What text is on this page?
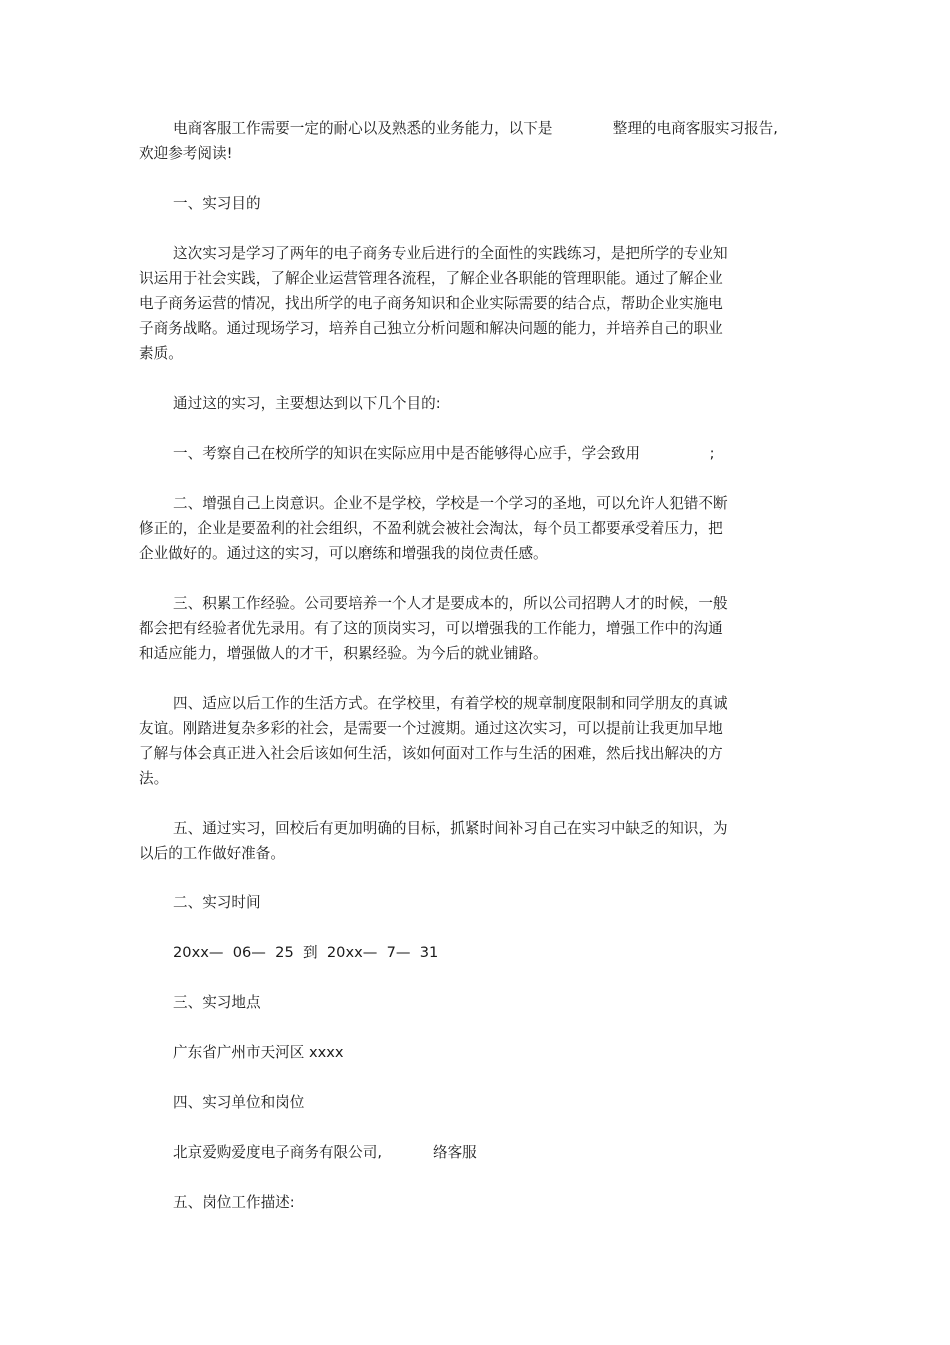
电商客服工作需要一定的耐心以及熟悉的业务能力，以下是             整理的电商客服实习报告,
欢迎参考阅读!
一、实习目的
这次实习是学习了两年的电子商务专业后进行的全面性的实践练习，是把所学的专业知
识运用于社会实践，了解企业运营管理各流程，了解企业各职能的管理职能。通过了解企业
电子商务运营的情况，找出所学的电子商务知识和企业实际需要的结合点，帮助企业实施电
子商务战略。通过现场学习，培养自己独立分析问题和解决问题的能力，并培养自己的职业
素质。
通过这的实习，主要想达到以下几个目的:
一、考察自己在校所学的知识在实际应用中是否能够得心应手，学会致用               ;
二、增强自己上岗意识。企业不是学校，学校是一个学习的圣地，可以允许人犯错不断
修正的，企业是要盈利的社会组织，不盈利就会被社会淘汰，每个员工都要承受着压力，把
企业做好的。通过这的实习，可以磨练和增强我的岗位责任感。
三、积累工作经验。公司要培养一个人才是要成本的，所以公司招聘人才的时候，一般
都会把有经验者优先录用。有了这的顶岗实习，可以增强我的工作能力，增强工作中的沟通
和适应能力，增强做人的才干，积累经验。为今后的就业铺路。
四、适应以后工作的生活方式。在学校里，有着学校的规章制度限制和同学朋友的真诚
友谊。刚踏进复杂多彩的社会，是需要一个过渡期。通过这次实习，可以提前让我更加早地
了解与体会真正进入社会后该如何生活，该如何面对工作与生活的困难，然后找出解决的方
法。
五、通过实习，回校后有更加明确的目标，抓紧时间补习自己在实习中缺乏的知识，为
以后的工作做好准备。
二、实习时间
20xx—  06—  25  到  20xx—  7—  31
三、实习地点
广东省广州市天河区 xxxx
四、实习单位和岗位
北京爱购爱度电子商务有限公司,           络客服
五、岗位工作描述:
